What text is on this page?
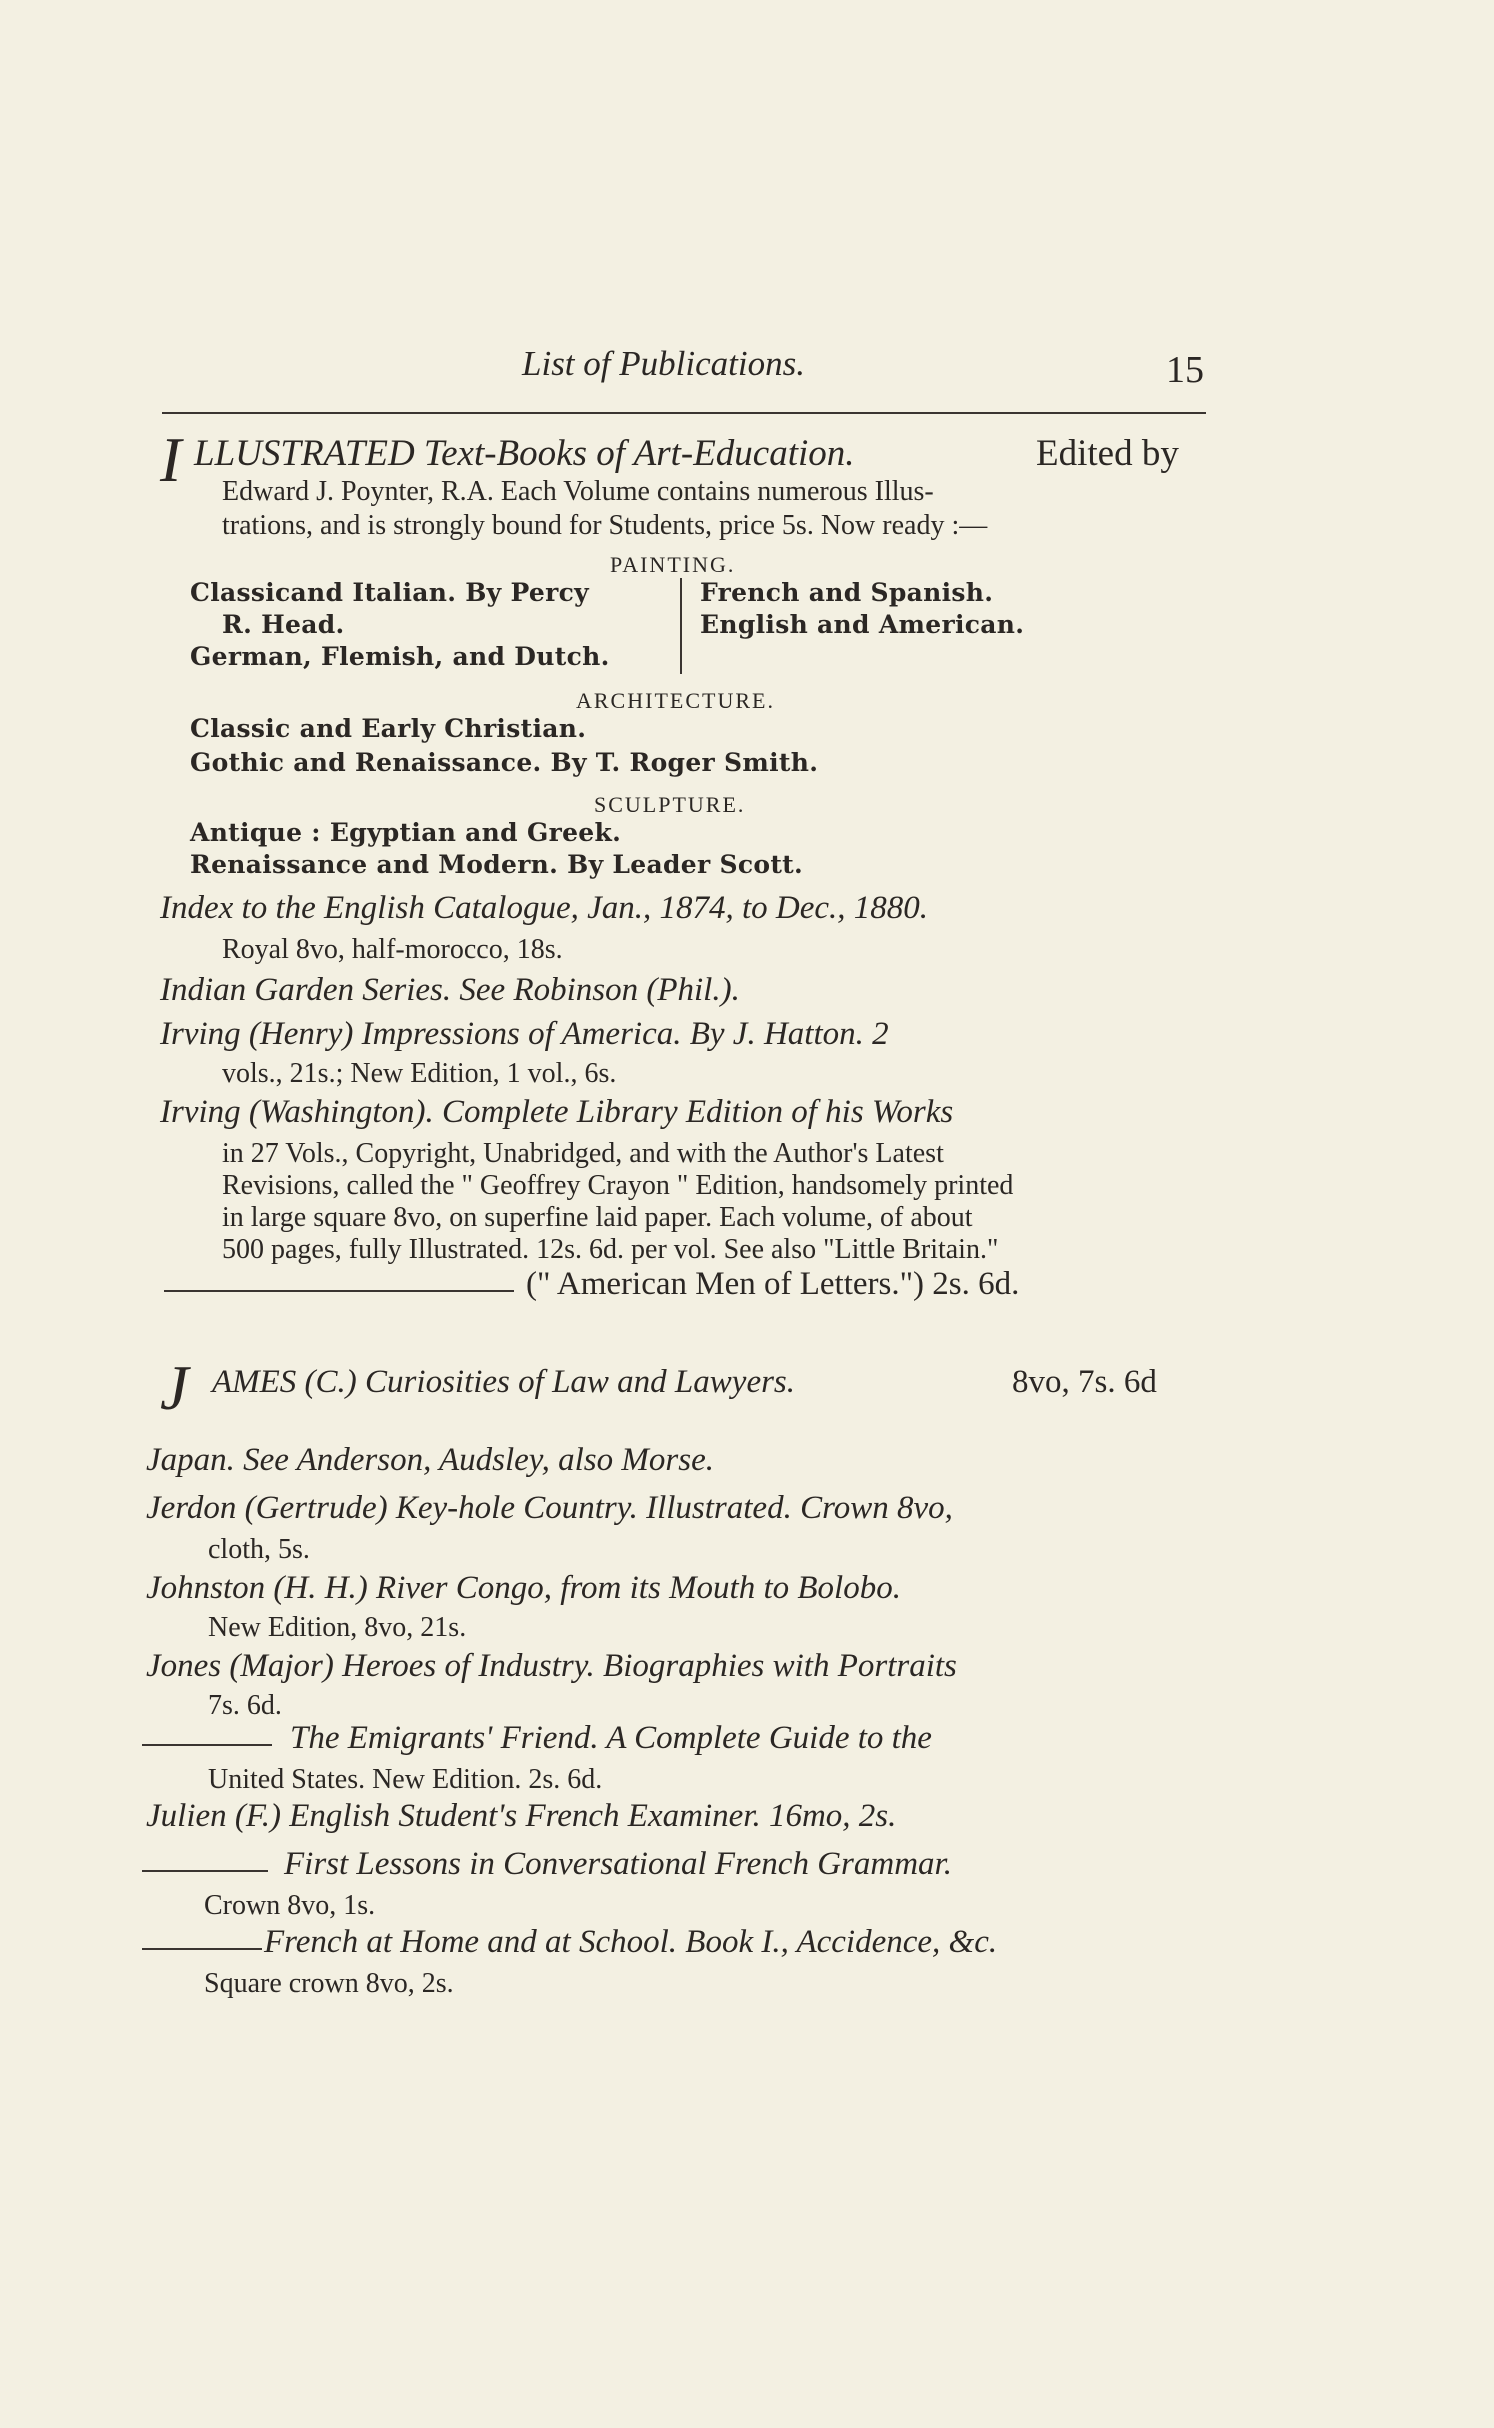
List of Publications.	15
I LLUSTRATED Text-Books of Art-Education.	Edited by
Edward J. Poynter, R.A. Each Volume contains numerous Illus-
trations, and is strongly bound for Students, price 5s. Now ready :—
PAINTING.
Classicand Italian. By Percy
R. Head.
German, Flemish, and Dutch.
French and Spanish.
English and American.
ARCHITECTURE.
Classic and Early Christian.
Gothic and Renaissance. By T. Roger Smith.
SCULPTURE.
Antique : Egyptian and Greek.
Renaissance and Modern. By Leader Scott.
Index to the English Catalogue, Jan., 1874, to Dec., 1880.
Royal 8vo, half-morocco, 18s.
Indian Garden Series. See Robinson (Phil.).
Irving (Henry) Impressions of America. By J. Hatton. 2
vols., 21s.; New Edition, 1 vol., 6s.
Irving (Washington). Complete Library Edition of his Works
in 27 Vols., Copyright, Unabridged, and with the Author's Latest
Revisions, called the " Geoffrey Crayon " Edition, handsomely printed
in large square 8vo, on superfine laid paper. Each volume, of about
500 pages, fully Illustrated. 12s. 6d. per vol. See also "Little Britain."
(" American Men of Letters.") 2s. 6d.
J AMES (C.) Curiosities of Law and Lawyers.	8vo, 7s. 6d
Japan. See Anderson, Audsley, also Morse.
Jerdon (Gertrude) Key-hole Country. Illustrated. Crown 8vo,
cloth, 5s.
Johnston (H. H.) River Congo, from its Mouth to Bolobo.
New Edition, 8vo, 21s.
Jones (Major) Heroes of Industry. Biographies with Portraits
7s. 6d.
The Emigrants' Friend. A Complete Guide to the
United States. New Edition. 2s. 6d.
Julien (F.) English Student's French Examiner. 16mo, 2s.
First Lessons in Conversational French Grammar.
Crown 8vo, 1s.
French at Home and at School. Book I., Accidence, &c.
Square crown 8vo, 2s.
